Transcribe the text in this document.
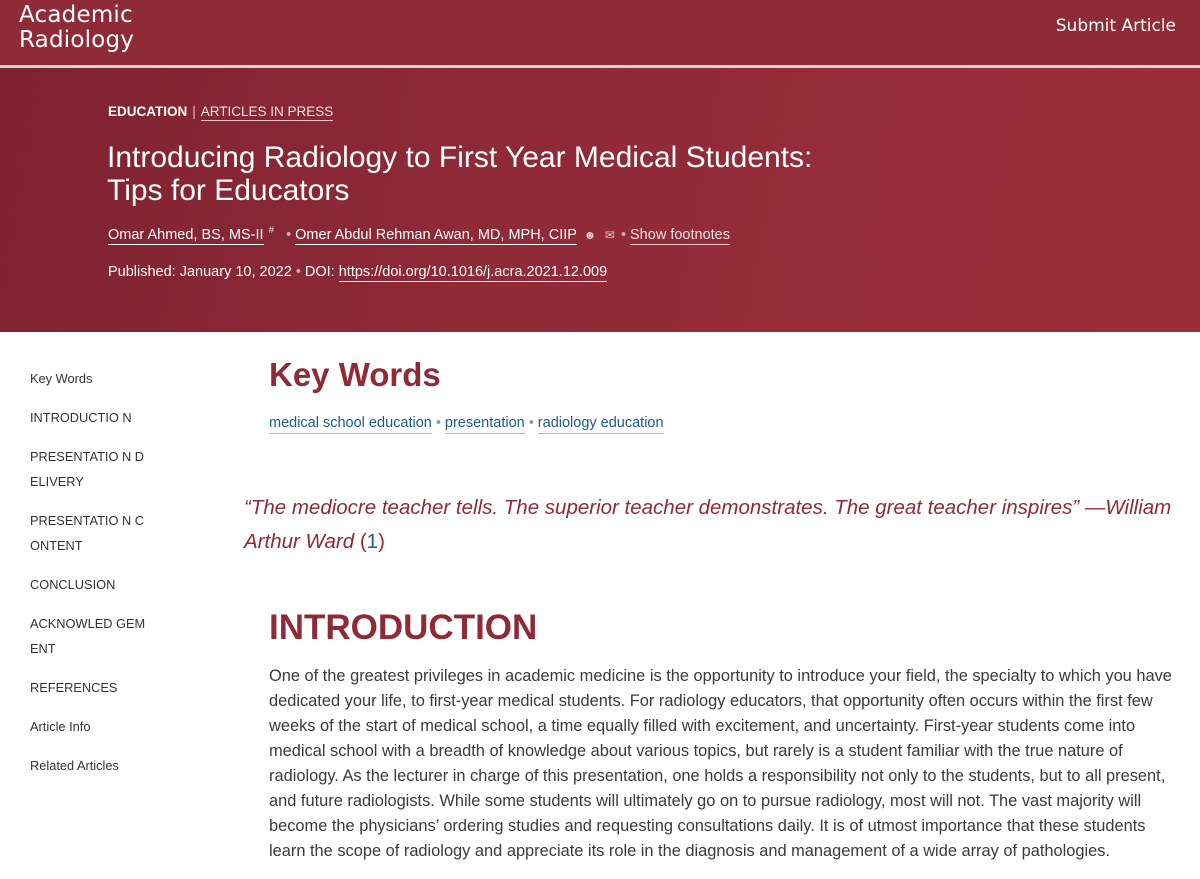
Academic
Radiology
Submit Article
EDUCATION | ARTICLES IN PRESS
Introducing Radiology to First Year Medical Students:
Tips for Educators
Omar Ahmed, BS, MS-II # • Omer Abdul Rehman Awan, MD, MPH, CIIP ☻ ✉ • Show footnotes
Published: January 10, 2022 • DOI: https://doi.org/10.1016/j.acra.2021.12.009
Key Words
INTRODUCTIO N
PRESENTATIO N DELIVERY
PRESENTATIO N CONTENT
CONCLUSION
ACKNOWLED GEMENT
REFERENCES
Article Info
Related Articles
Key Words
medical school education • presentation • radiology education
“The mediocre teacher tells. The superior teacher demonstrates. The great teacher inspires” —William Arthur Ward (1)
INTRODUCTION

One of the greatest privileges in academic medicine is the opportunity to introduce your field, the specialty to which you have dedicated your life, to first-year medical students. For radiology educators, that opportunity often occurs within the first few weeks of the start of medical school, a time equally filled with excitement, and uncertainty. First-year students come into medical school with a breadth of knowledge about various topics, but rarely is a student familiar with the true nature of radiology. As the lecturer in charge of this presentation, one holds a responsibility not only to the students, but to all present, and future radiologists. While some students will ultimately go on to pursue radiology, most will not. The vast majority will become the physicians’ ordering studies and requesting consultations daily. It is of utmost importance that these students learn the scope of radiology and appreciate its role in the diagnosis and management of a wide array of pathologies.
